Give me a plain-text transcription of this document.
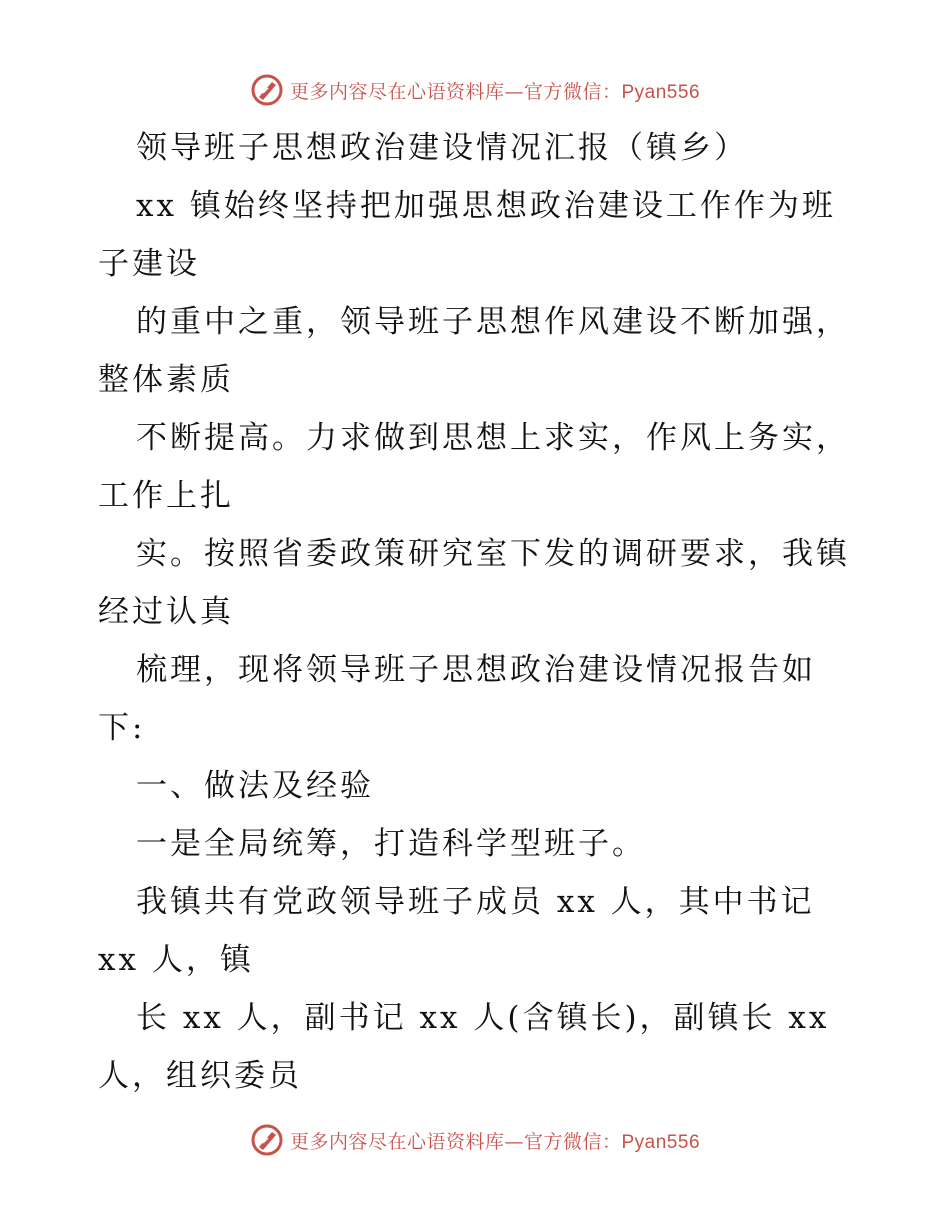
更多内容尽在心语资料库—官方微信：Pyan556
领导班子思想政治建设情况汇报（镇乡）
xx 镇始终坚持把加强思想政治建设工作作为班
子建设
的重中之重，领导班子思想作风建设不断加强，
整体素质
不断提高。力求做到思想上求实，作风上务实，
工作上扎
实。按照省委政策研究室下发的调研要求，我镇
经过认真
梳理，现将领导班子思想政治建设情况报告如
下:
一、做法及经验
一是全局统筹，打造科学型班子。
我镇共有党政领导班子成员 xx 人，其中书记
xx 人，镇
长 xx 人，副书记 xx 人(含镇长)，副镇长 xx
人，组织委员
更多内容尽在心语资料库—官方微信：Pyan556
